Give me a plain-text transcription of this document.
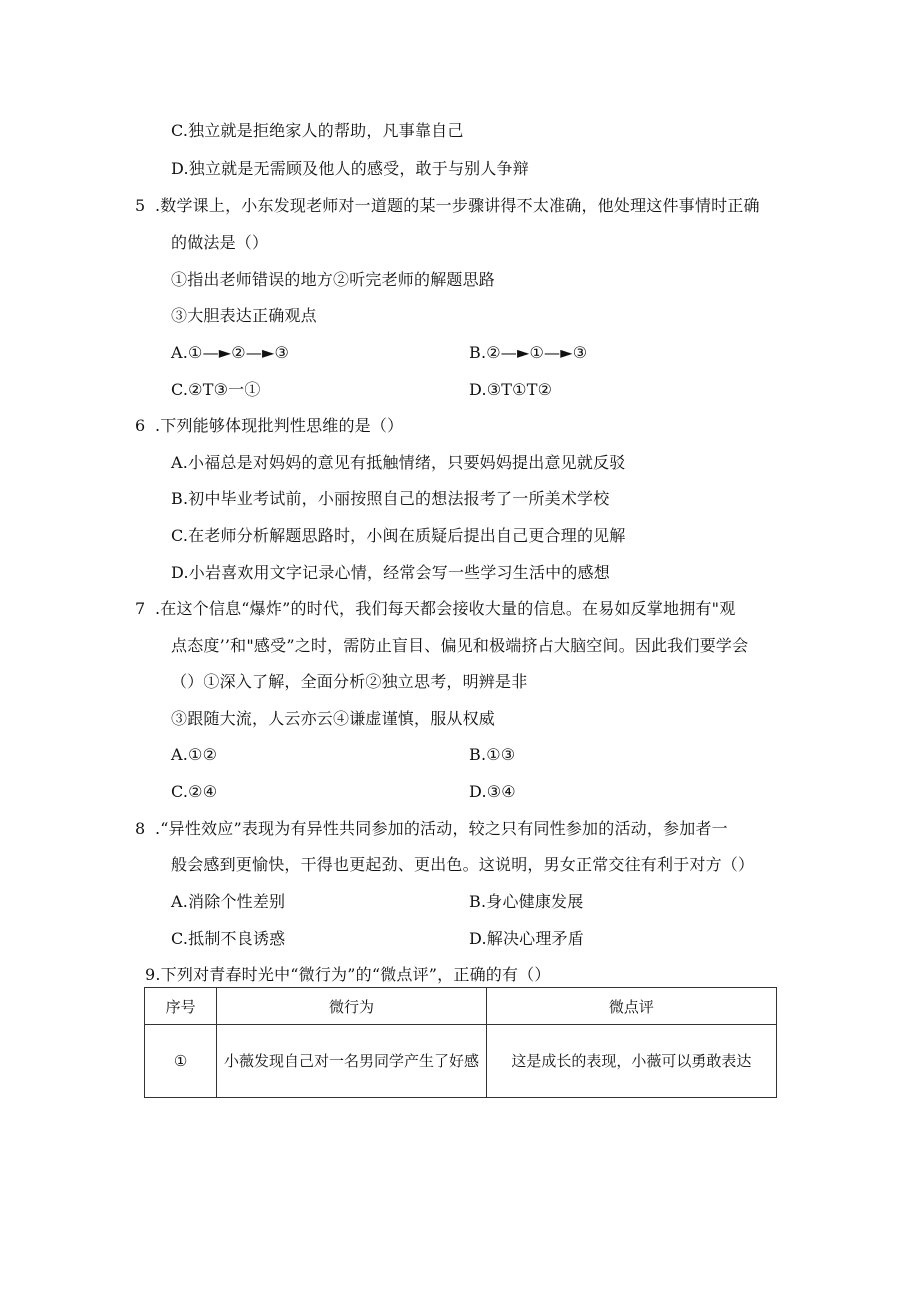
C.独立就是拒绝家人的帮助，凡事靠自己
D.独立就是无需顾及他人的感受，敢于与别人争辩
5 .数学课上，小东发现老师对一道题的某一步骤讲得不太准确，他处理这件事情时正确
的做法是（）
①指出老师错误的地方②听完老师的解题思路
③大胆表达正确观点
A.①—►②—►③	B.②—►①—►③
C.②T③一①	D.③T①T②
6 .下列能够体现批判性思维的是（）
A.小福总是对妈妈的意见有抵触情绪，只要妈妈提出意见就反驳
B.初中毕业考试前，小丽按照自己的想法报考了一所美术学校
C.在老师分析解题思路时，小闽在质疑后提出自己更合理的见解
D.小岩喜欢用文字记录心情，经常会写一些学习生活中的感想
7 .在这个信息“爆炸”的时代，我们每天都会接收大量的信息。在易如反掌地拥有"观
点态度’’和"感受”之时，需防止盲目、偏见和极端挤占大脑空间。因此我们要学会
（）①深入了解，全面分析②独立思考，明辨是非
③跟随大流，人云亦云④谦虚谨慎，服从权威
A.①②	B.①③
C.②④	D.③④
8 .“异性效应”表现为有异性共同参加的活动，较之只有同性参加的活动，参加者一
般会感到更愉快，干得也更起劲、更出色。这说明，男女正常交往有利于对方（）
A.消除个性差别	B.身心健康发展
C.抵制不良诱惑	D.解决心理矛盾
9.下列对青春时光中“微行为”的“微点评”，正确的有（）
序号	微行为	微点评
①	小薇发现自己对一名男同学产生了好感	这是成长的表现，小薇可以勇敢表达
